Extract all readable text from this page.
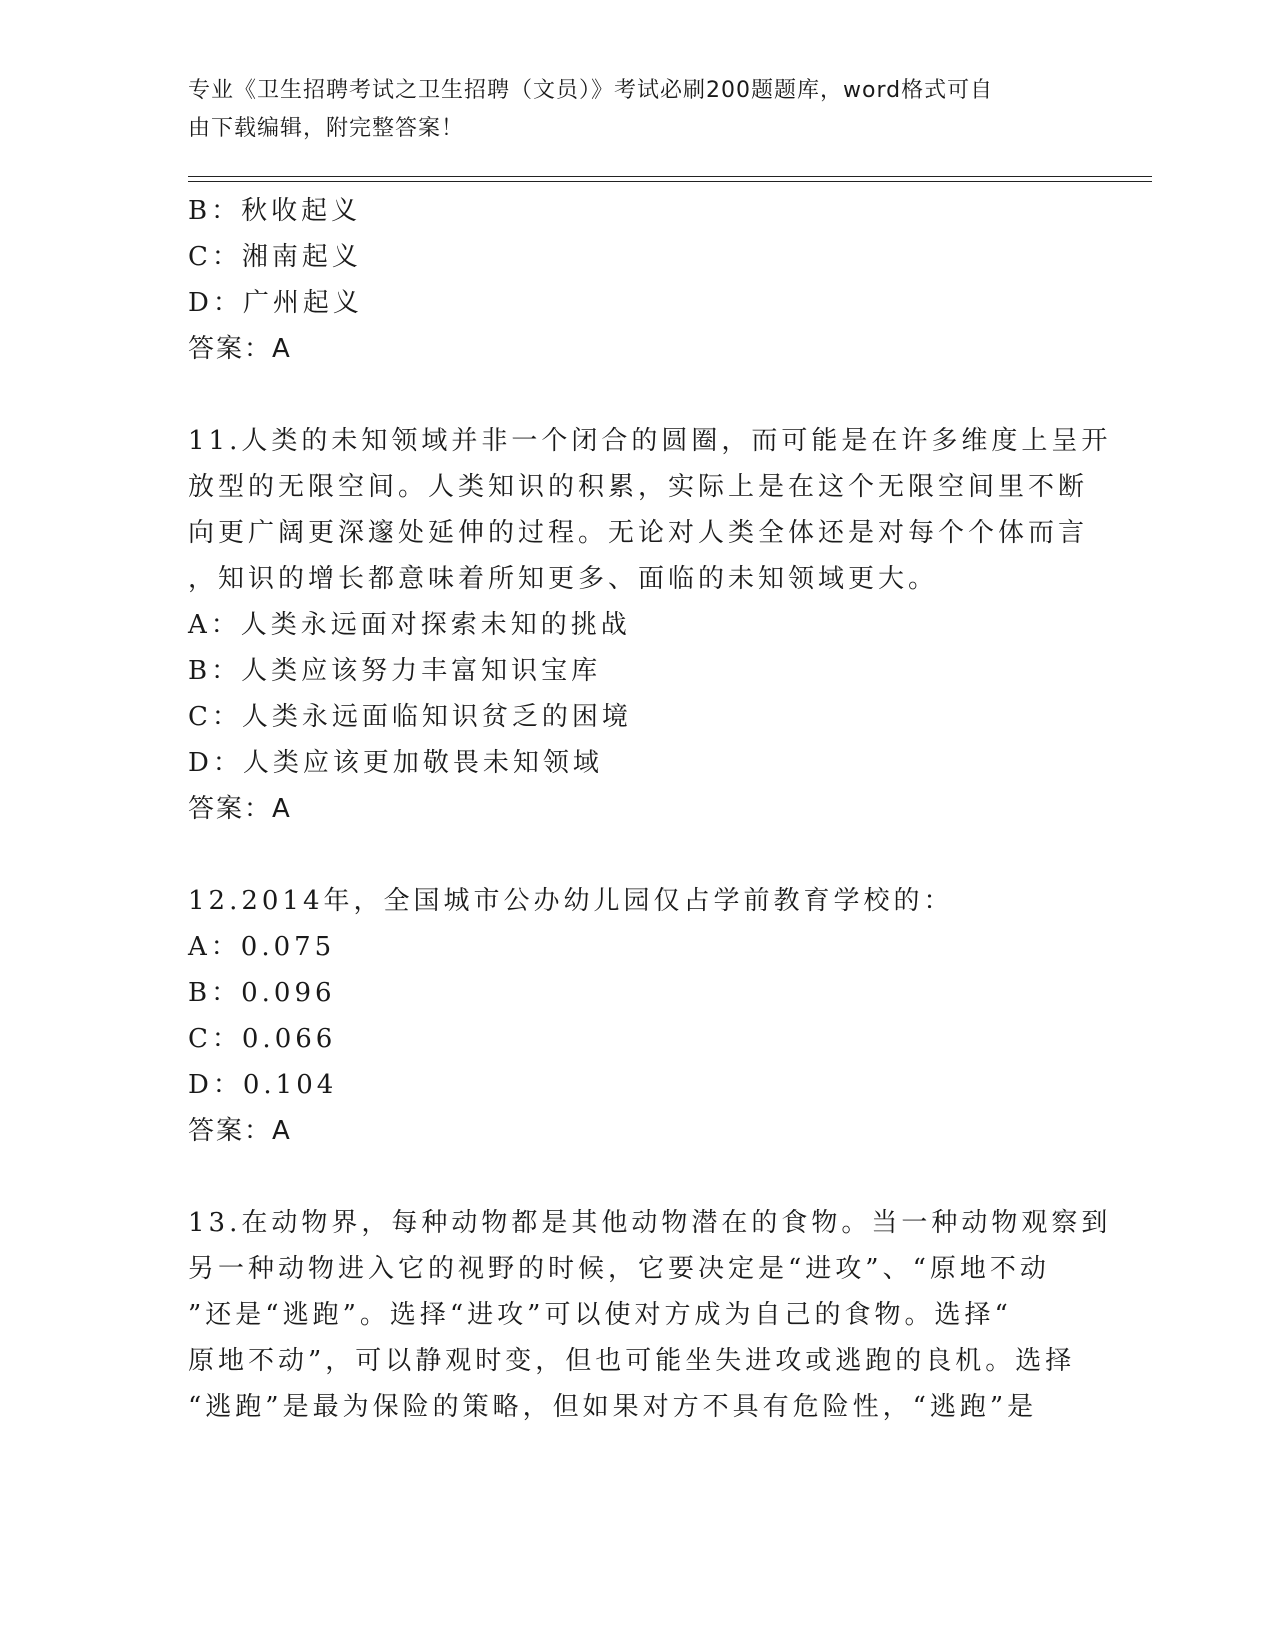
专业《卫生招聘考试之卫生招聘（文员）》考试必刷200题题库，word格式可自
由下载编辑，附完整答案！
B：秋收起义
C：湘南起义
D：广州起义
答案：A
11.人类的未知领域并非一个闭合的圆圈，而可能是在许多维度上呈开
放型的无限空间。人类知识的积累，实际上是在这个无限空间里不断
向更广阔更深邃处延伸的过程。无论对人类全体还是对每个个体而言
，知识的增长都意味着所知更多、面临的未知领域更大。
A：人类永远面对探索未知的挑战
B：人类应该努力丰富知识宝库
C：人类永远面临知识贫乏的困境
D：人类应该更加敬畏未知领域
答案：A
12.2014年，全国城市公办幼儿园仅占学前教育学校的：
A：0.075
B：0.096
C：0.066
D：0.104
答案：A
13.在动物界，每种动物都是其他动物潜在的食物。当一种动物观察到
另一种动物进入它的视野的时候，它要决定是“进攻”、“原地不动
”还是“逃跑”。选择“进攻”可以使对方成为自己的食物。选择“
原地不动”，可以静观时变，但也可能坐失进攻或逃跑的良机。选择
“逃跑”是最为保险的策略，但如果对方不具有危险性，“逃跑”是
